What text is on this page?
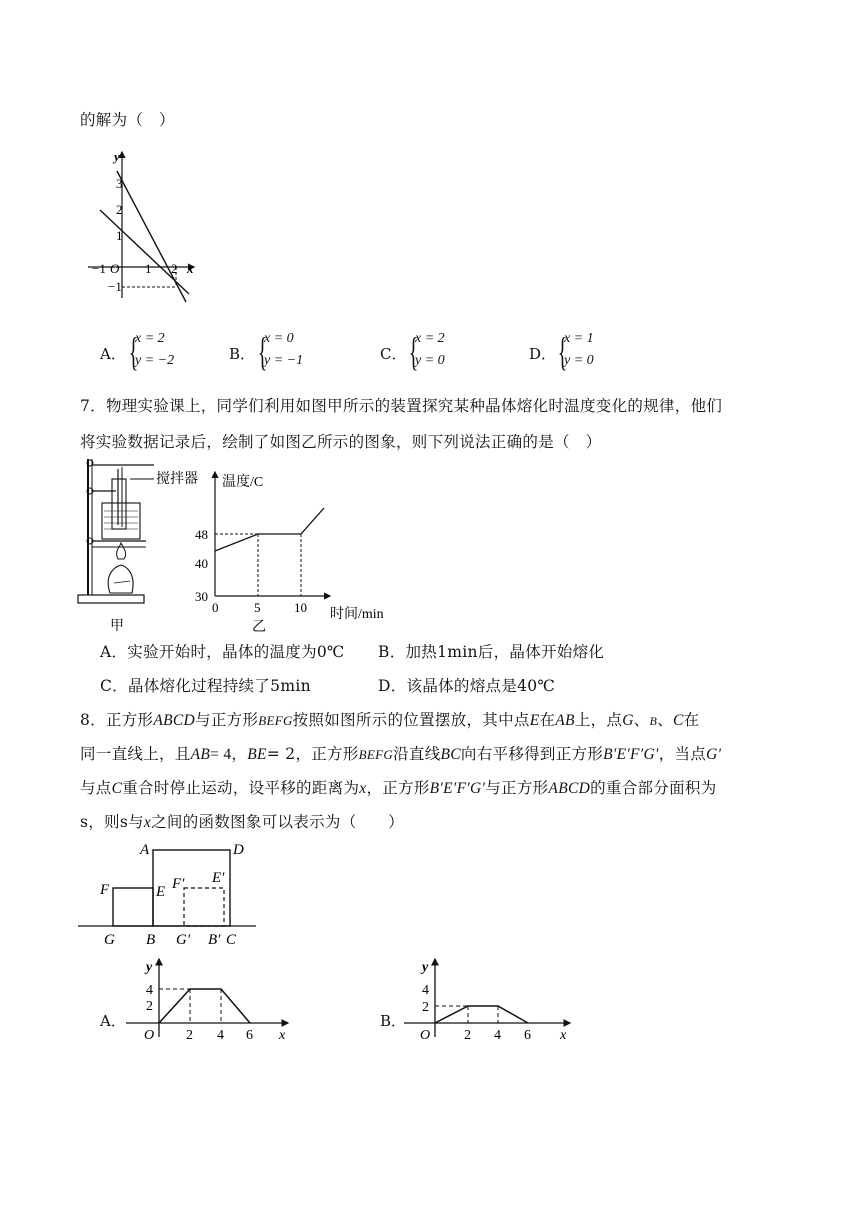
的解为（　）
y
x
3
2
1
O
−1	1 2
−1
A． {
x = 2
y = −2	B． {
x = 0
y = −1	C． {
x = 2
y = 0	D． {
x = 1
y = 0
7．物理实验课上，同学们利用如图甲所示的装置探究某种晶体熔化时温度变化的规律，他们
将实验数据记录后，绘制了如图乙所示的图象，则下列说法正确的是（　）
搅拌器
甲
温度/C
48
40
30
0	5	10 时间/min
乙
A．实验开始时，晶体的温度为0℃ B．加热1min后，晶体开始熔化
C．晶体熔化过程持续了5min	D．该晶体的熔点是40℃
8．正方形ABCD与正方形BEFG按照如图所示的位置摆放，其中点E在AB上，点G、B、C在
同一直线上，且AB= 4，BE= 2，正方形BEFG沿直线BC向右平移得到正方形B′E′F′G′，当点G′
与点C重合时停止运动，设平移的距离为x，正方形B′E′F′G′与正方形ABCD的重合部分面积为
s，则s与x之间的函数图象可以表示为（　　）
A	D
F	E F′ E′
G B G′ B′ C
A．
y
x
4
2
O 2 4 6
B．
y
x
4
2
O 2 4 6
